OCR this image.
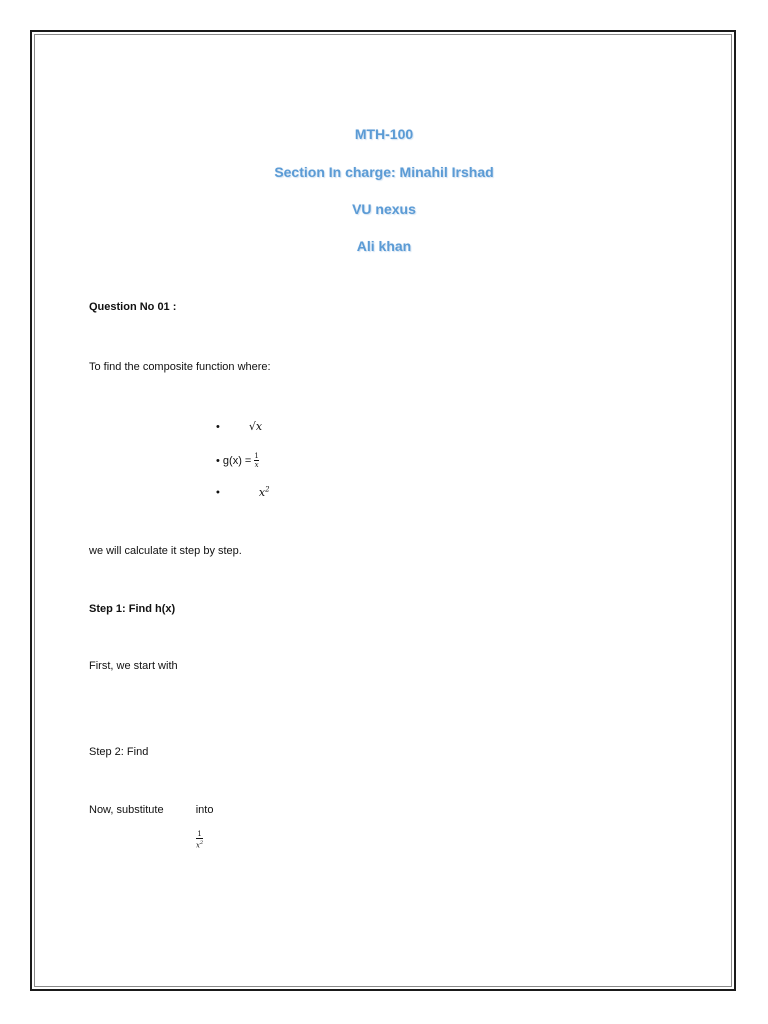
MTH-100
Section In charge: Minahil Irshad
VU nexus
Ali khan
Question No 01 :
To find the composite function where:
•	√x
• $g(x) = \frac{1}{x}$
•	$x^2$
we will calculate it step by step.
Step 1: Find h(x)
First, we start with
Step 2: Find
Now, substitute	into
$\frac{1}{x^2}$
